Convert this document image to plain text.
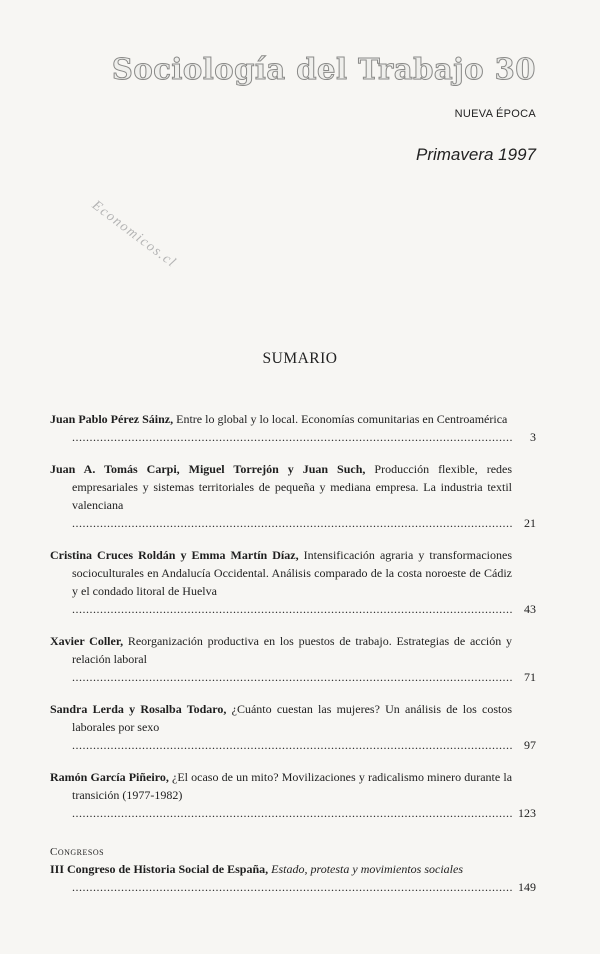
Sociología del Trabajo 30
NUEVA ÉPOCA
Primavera 1997
Economicos.cl
SUMARIO
Juan Pablo Pérez Sáinz, Entre lo global y lo local. Economías comunitarias en Centroamérica
.....
3
Juan A. Tomás Carpi, Miguel Torrejón y Juan Such, Producción flexible, redes empresariales y sistemas territoriales de pequeña y mediana empresa. La industria textil valenciana
.....
21
Cristina Cruces Roldán y Emma Martín Díaz, Intensificación agraria y transformaciones socioculturales en Andalucía Occidental. Análisis comparado de la costa noroeste de Cádiz y el condado litoral de Huelva
.....
43
Xavier Coller, Reorganización productiva en los puestos de trabajo. Estrategias de acción y relación laboral
.....
71
Sandra Lerda y Rosalba Todaro, ¿Cuánto cuestan las mujeres? Un análisis de los costos laborales por sexo
.....
97
Ramón García Piñeiro, ¿El ocaso de un mito? Movilizaciones y radicalismo minero durante la transición (1977-1982)
.....
123
Congresos
III Congreso de Historia Social de España, Estado, protesta y movimientos sociales
.....
149
